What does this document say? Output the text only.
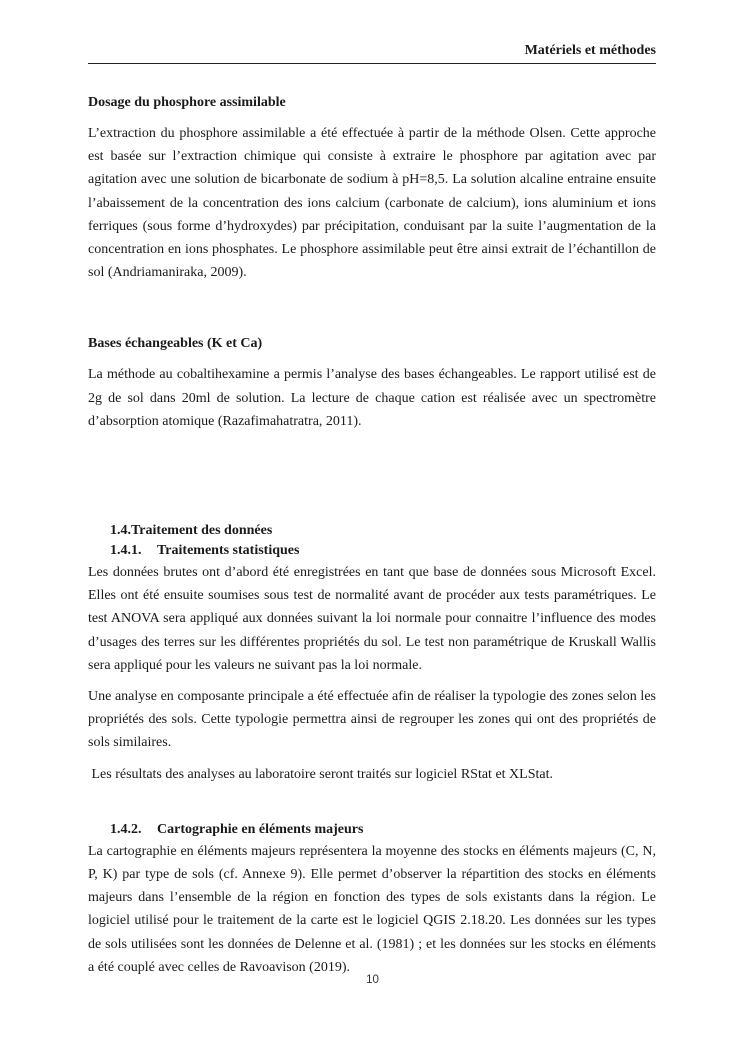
Matériels et méthodes
Dosage du phosphore assimilable

L’extraction du phosphore assimilable a été effectuée à partir de la méthode Olsen. Cette approche est basée sur l’extraction chimique qui consiste à extraire le phosphore par agitation avec par agitation avec une solution de bicarbonate de sodium à pH=8,5. La solution alcaline entraine ensuite l’abaissement de la concentration des ions calcium (carbonate de calcium), ions aluminium et ions ferriques (sous forme d’hydroxydes) par précipitation, conduisant par la suite l’augmentation de la concentration en ions phosphates. Le phosphore assimilable peut être ainsi extrait de l’échantillon de sol (Andriamaniraka, 2009).

Bases échangeables (K et Ca)

La méthode au cobaltihexamine a permis l’analyse des bases échangeables. Le rapport utilisé est de 2g de sol dans 20ml de solution. La lecture de chaque cation est réalisée avec un spectromètre d’absorption atomique (Razafimahatratra, 2011).

1.4.Traitement des données
1.4.1. Traitements statistiques

Les données brutes ont d’abord été enregistrées en tant que base de données sous Microsoft Excel. Elles ont été ensuite soumises sous test de normalité avant de procéder aux tests paramétriques. Le test ANOVA sera appliqué aux données suivant la loi normale pour connaitre l’influence des modes d’usages des terres sur les différentes propriétés du sol. Le test non paramétrique de Kruskall Wallis sera appliqué pour les valeurs ne suivant pas la loi normale.

Une analyse en composante principale a été effectuée afin de réaliser la typologie des zones selon les propriétés des sols. Cette typologie permettra ainsi de regrouper les zones qui ont des propriétés de sols similaires.

Les résultats des analyses au laboratoire seront traités sur logiciel RStat et XLStat.

1.4.2. Cartographie en éléments majeurs

La cartographie en éléments majeurs représentera la moyenne des stocks en éléments majeurs (C, N, P, K) par type de sols (cf. Annexe 9). Elle permet d’observer la répartition des stocks en éléments majeurs dans l’ensemble de la région en fonction des types de sols existants dans la région. Le logiciel utilisé pour le traitement de la carte est le logiciel QGIS 2.18.20. Les données sur les types de sols utilisées sont les données de Delenne et al. (1981) ; et les données sur les stocks en éléments a été couplé avec celles de Ravoavison (2019).

10
